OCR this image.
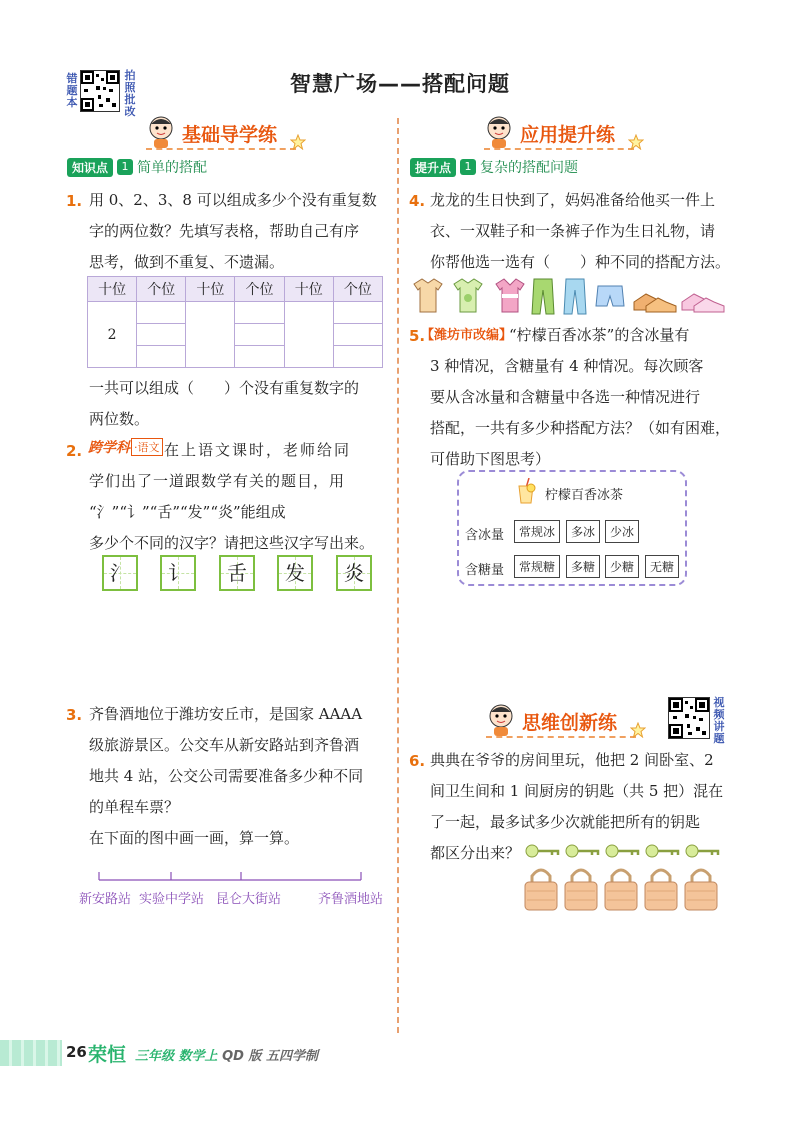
错题本
拍照批改
智慧广场——搭配问题
基础导学练
知识点	1 简单的搭配
1. 用 0、2、3、8 可以组成多少个没有重复数
字的两位数？先填写表格，帮助自己有序
思考，做到不重复、不遗漏。
十位	个位	十位	个位	十位	个位
2					

一共可以组成（　　）个没有重复数字的
两位数。
2. 跨学科 ·语文 在上语文课时，老师给同
学们出了一道跟数学有关的题目，用
“氵”“讠”“舌”“发”“炎”能组成
多少个不同的汉字？请把这些汉字写出来。
氵	讠	舌	发	炎
3. 齐鲁酒地位于潍坊安丘市，是国家 AAAA
级旅游景区。公交车从新安路站到齐鲁酒
地共 4 站，公交公司需要准备多少种不同
的单程车票？
在下面的图中画一画，算一算。
新安路站 实验中学站 昆仑大街站	齐鲁酒地站
应用提升练
提升点	1 复杂的搭配问题
4. 龙龙的生日快到了，妈妈准备给他买一件上
衣、一双鞋子和一条裤子作为生日礼物，请
你帮他选一选有（　　）种不同的搭配方法。
5.
【潍坊市改编】
“柠檬百香冰茶”的含冰量有
3 种情况，含糖量有 4 种情况。每次顾客
要从含冰量和含糖量中各选一种情况进行
搭配，一共有多少种搭配方法？（如有困难，
可借助下图思考）
柠檬百香冰茶
含冰量	常规冰	多冰	少冰
含糖量	常规糖	多糖	少糖	无糖
思维创新练
视频讲题
6. 典典在爷爷的房间里玩，他把 2 间卧室、2
间卫生间和 1 间厨房的钥匙（共 5 把）混在
了一起，最多试多少次就能把所有的钥匙
都区分出来？
26 荣恒 三年级 数学上 QD 版 五四学制
